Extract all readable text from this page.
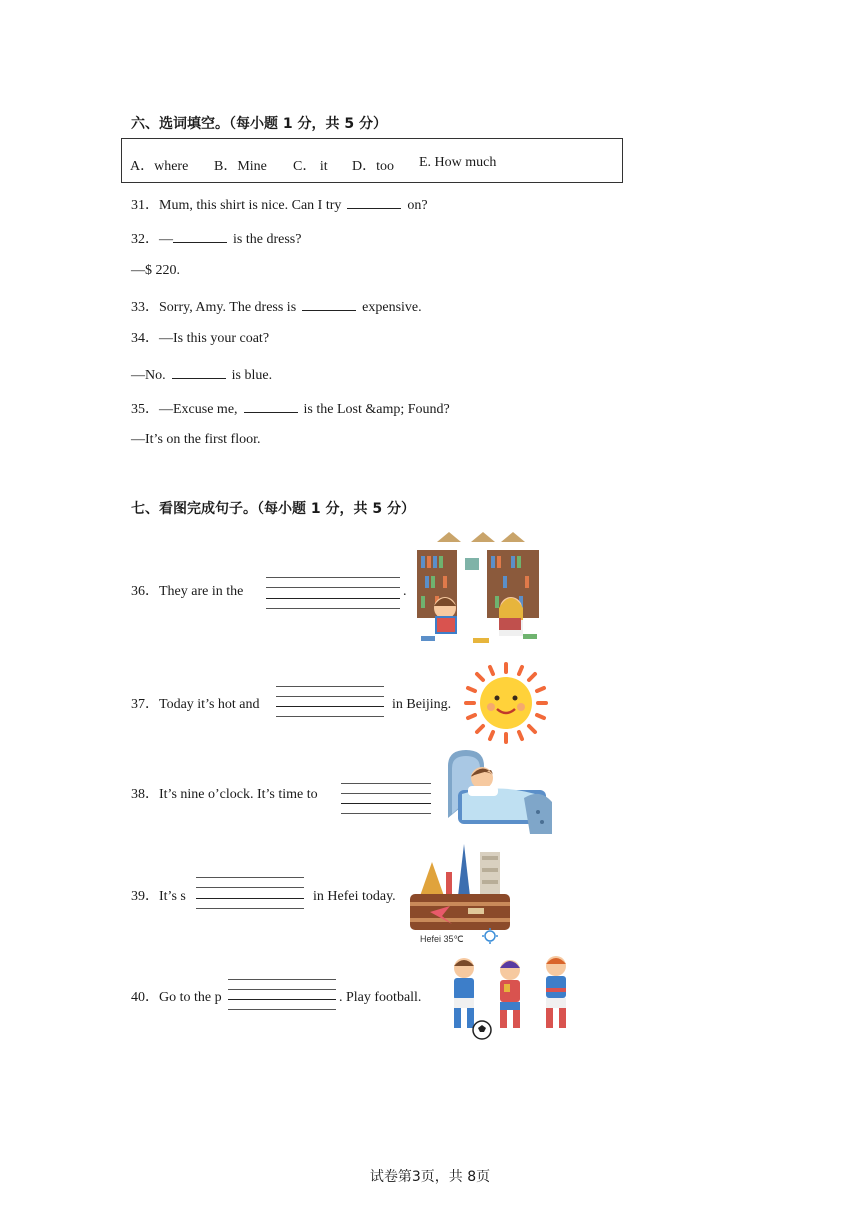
六、选词填空。（每小题 1 分，共 5 分）
A．where B．Mine C． it D．too E. How much
31．Mum, this shirt is nice. Can I try	on?
32．—	is the dress?
—$ 220.
33．Sorry, Amy. The dress is	expensive.
34．—Is this your coat?
—No.	is blue.
35．—Excuse me,	is the Lost &amp; Found?
—It’s on the first floor.
七、看图完成句子。（每小题 1 分，共 5 分）
36．They are in the	.
37．Today it’s hot and	in Beijing.
38．It’s nine o’clock. It’s time to
39．It’s s	in Hefei today.
Hefei 35℃
40．Go to the p	. Play football.
试卷第3页，共 8页
